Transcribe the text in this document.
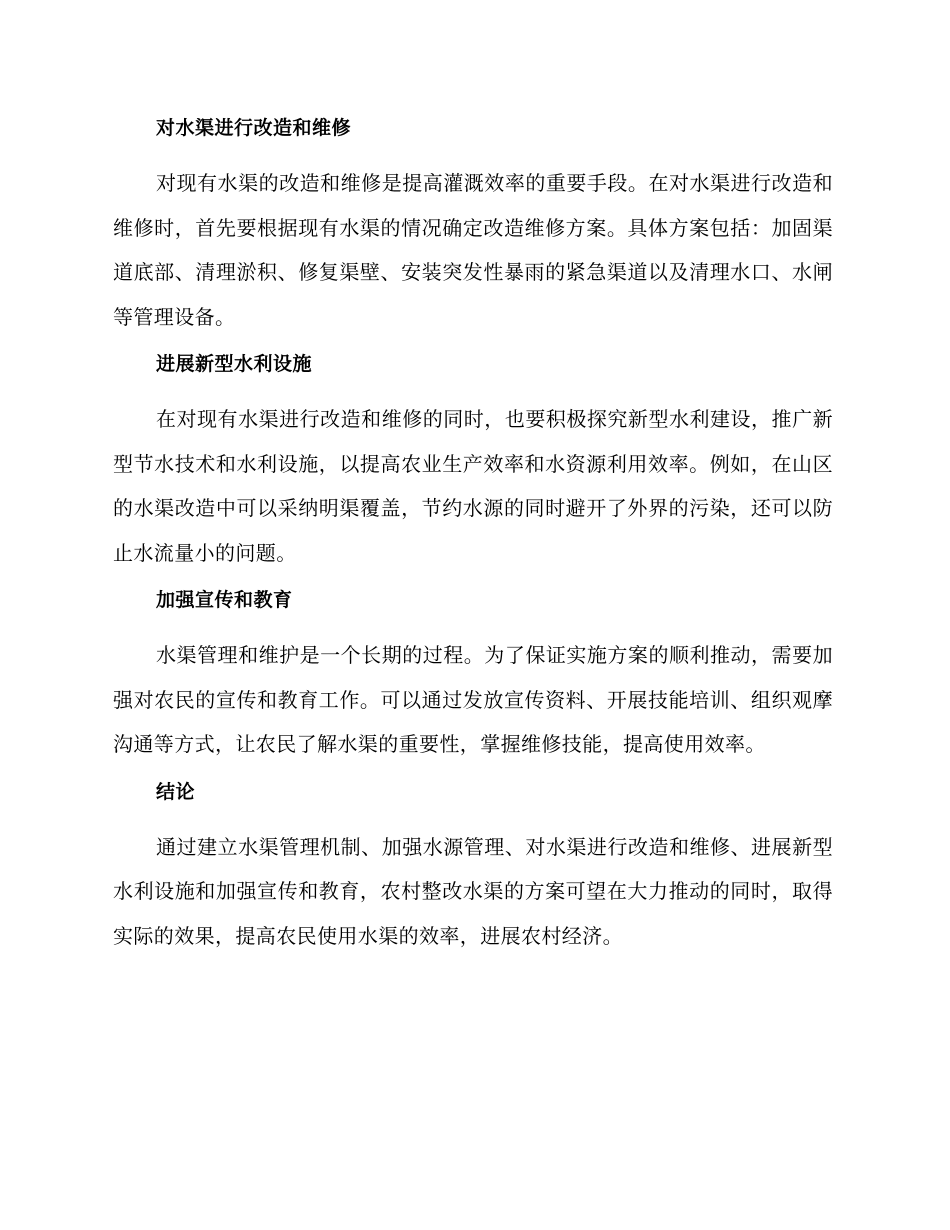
对水渠进行改造和维修

对现有水渠的改造和维修是提高灌溉效率的重要手段。在对水渠进行改造和维修时，首先要根据现有水渠的情况确定改造维修方案。具体方案包括：加固渠道底部、清理淤积、修复渠壁、安装突发性暴雨的紧急渠道以及清理水口、水闸等管理设备。

进展新型水利设施

在对现有水渠进行改造和维修的同时，也要积极探究新型水利建设，推广新型节水技术和水利设施，以提高农业生产效率和水资源利用效率。例如，在山区的水渠改造中可以采纳明渠覆盖，节约水源的同时避开了外界的污染，还可以防止水流量小的问题。

加强宣传和教育

水渠管理和维护是一个长期的过程。为了保证实施方案的顺利推动，需要加强对农民的宣传和教育工作。可以通过发放宣传资料、开展技能培训、组织观摩沟通等方式，让农民了解水渠的重要性，掌握维修技能，提高使用效率。

结论

通过建立水渠管理机制、加强水源管理、对水渠进行改造和维修、进展新型水利设施和加强宣传和教育，农村整改水渠的方案可望在大力推动的同时，取得实际的效果，提高农民使用水渠的效率，进展农村经济。
